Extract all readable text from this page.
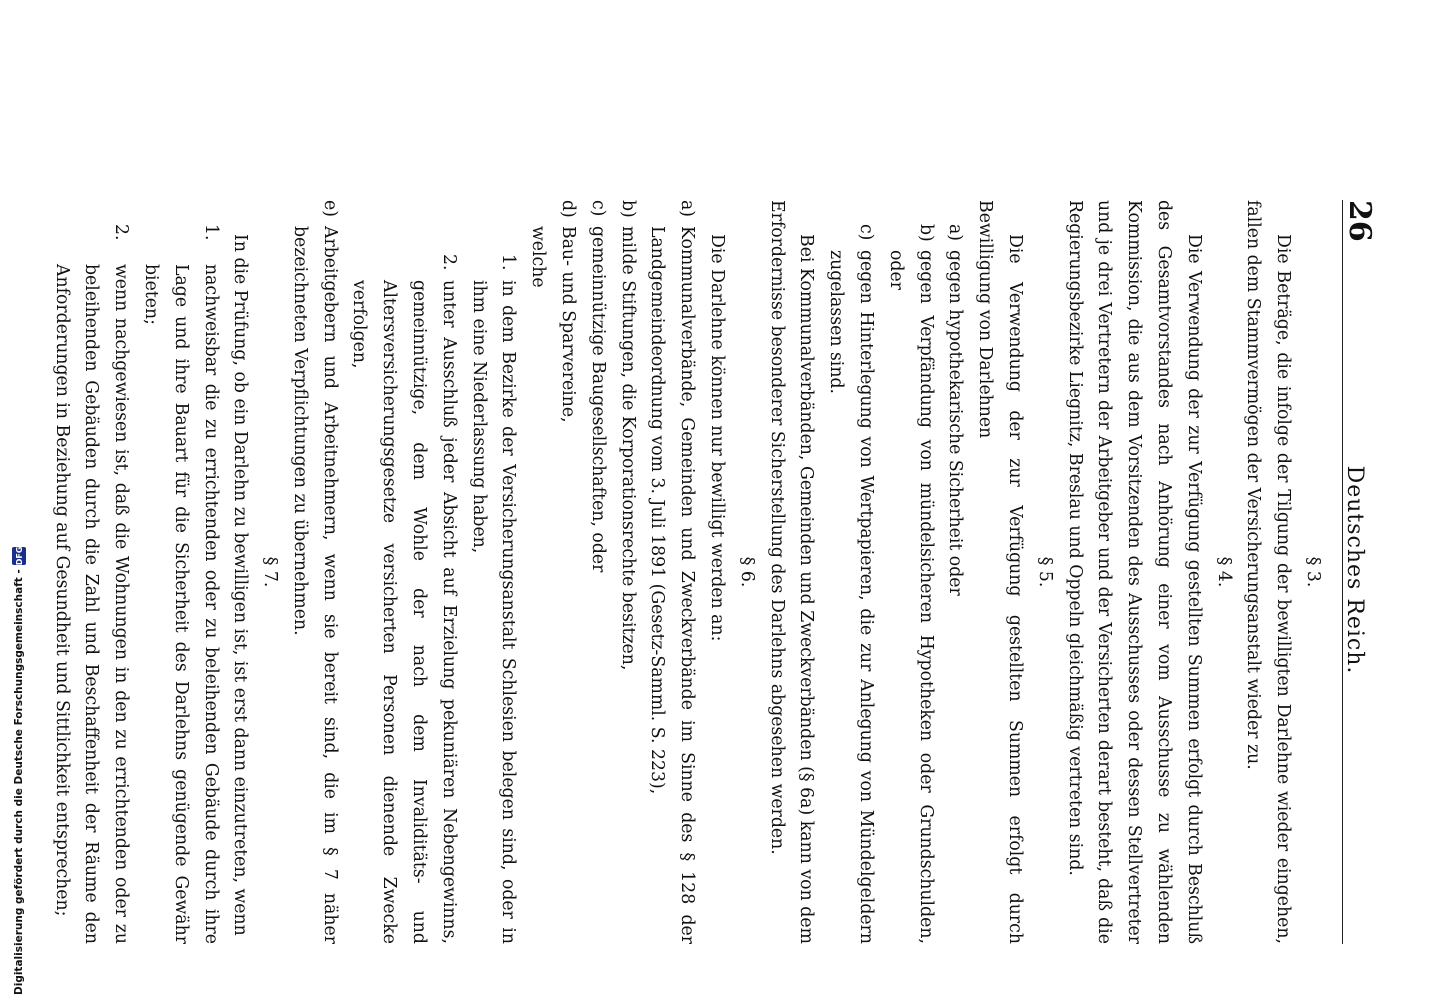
26
Deutsches Reich.

§ 3.

Die Beträge, die infolge der Tilgung der bewilligten Darlehne wieder eingehen, fallen dem Stammvermögen der Versicherungsanstalt wieder zu.

§ 4.

Die Verwendung der zur Verfügung gestellten Summen erfolgt durch Beschluß des Gesamtvorstandes nach Anhörung einer vom Ausschusse zu wählenden Kommission, die aus dem Vorsitzenden des Ausschusses oder dessen Stellvertreter und je drei Vertretern der Arbeitgeber und der Versicherten derart besteht, daß die Regierungsbezirke Liegnitz, Breslau und Oppeln gleichmäßig vertreten sind.

§ 5.

Die Verwendung der zur Verfügung gestellten Summen erfolgt durch Bewilligung von Darlehnen

a)
gegen hypothekarische Sicherheit oder
b)
gegen Verpfändung von mündelsicheren Hypotheken oder Grundschulden, oder
c)
gegen Hinterlegung von Wertpapieren, die zur Anlegung von Mündelgeldern zugelassen sind.

Bei Kommunalverbänden, Gemeinden und Zweckverbänden (§ 6a) kann von dem Erfordernisse besonderer Sicherstellung des Darlehns abgesehen werden.

§ 6.

Die Darlehne können nur bewilligt werden an:

a)
Kommunalverbände, Gemeinden und Zweckverbände im Sinne des § 128 der Landgemeindeordnung vom 3. Juli 1891 (Gesetz-Samml. S. 223),
b)
milde Stiftungen, die Korporationsrechte besitzen,
c)
gemeinnützige Baugesellschaften, oder
d)
Bau- und Sparvereine,

welche

1.
in dem Bezirke der Versicherungsanstalt Schlesien belegen sind, oder in ihm eine Niederlassung haben,
2.
unter Ausschluß jeder Absicht auf Erzielung pekuniären Nebengewinns, gemeinnützige, dem Wohle der nach dem Invaliditäts- und Altersversicherungsgesetze versicherten Personen dienende Zwecke verfolgen,
e)
Arbeitgebern und Arbeitnehmern, wenn sie bereit sind, die im § 7 näher bezeichneten Verpflichtungen zu übernehmen.

§ 7.

In die Prüfung, ob ein Darlehn zu bewilligen ist, ist erst dann einzutreten, wenn

1.
nachweisbar die zu errichtenden oder zu beleihenden Gebäude durch ihre Lage und ihre Bauart für die Sicherheit des Darlehns genügende Gewähr bieten;
2.
wenn nachgewiesen ist, daß die Wohnungen in den zu errichtenden oder zu beleihenden Gebäuden durch die Zahl und Beschaffenheit der Räume den Anforderungen in Beziehung auf Gesundheit und Sittlichkeit entsprechen;
Digitalisierung gefördert durch die Deutsche Forschungsgemeinschaft -
DFG
